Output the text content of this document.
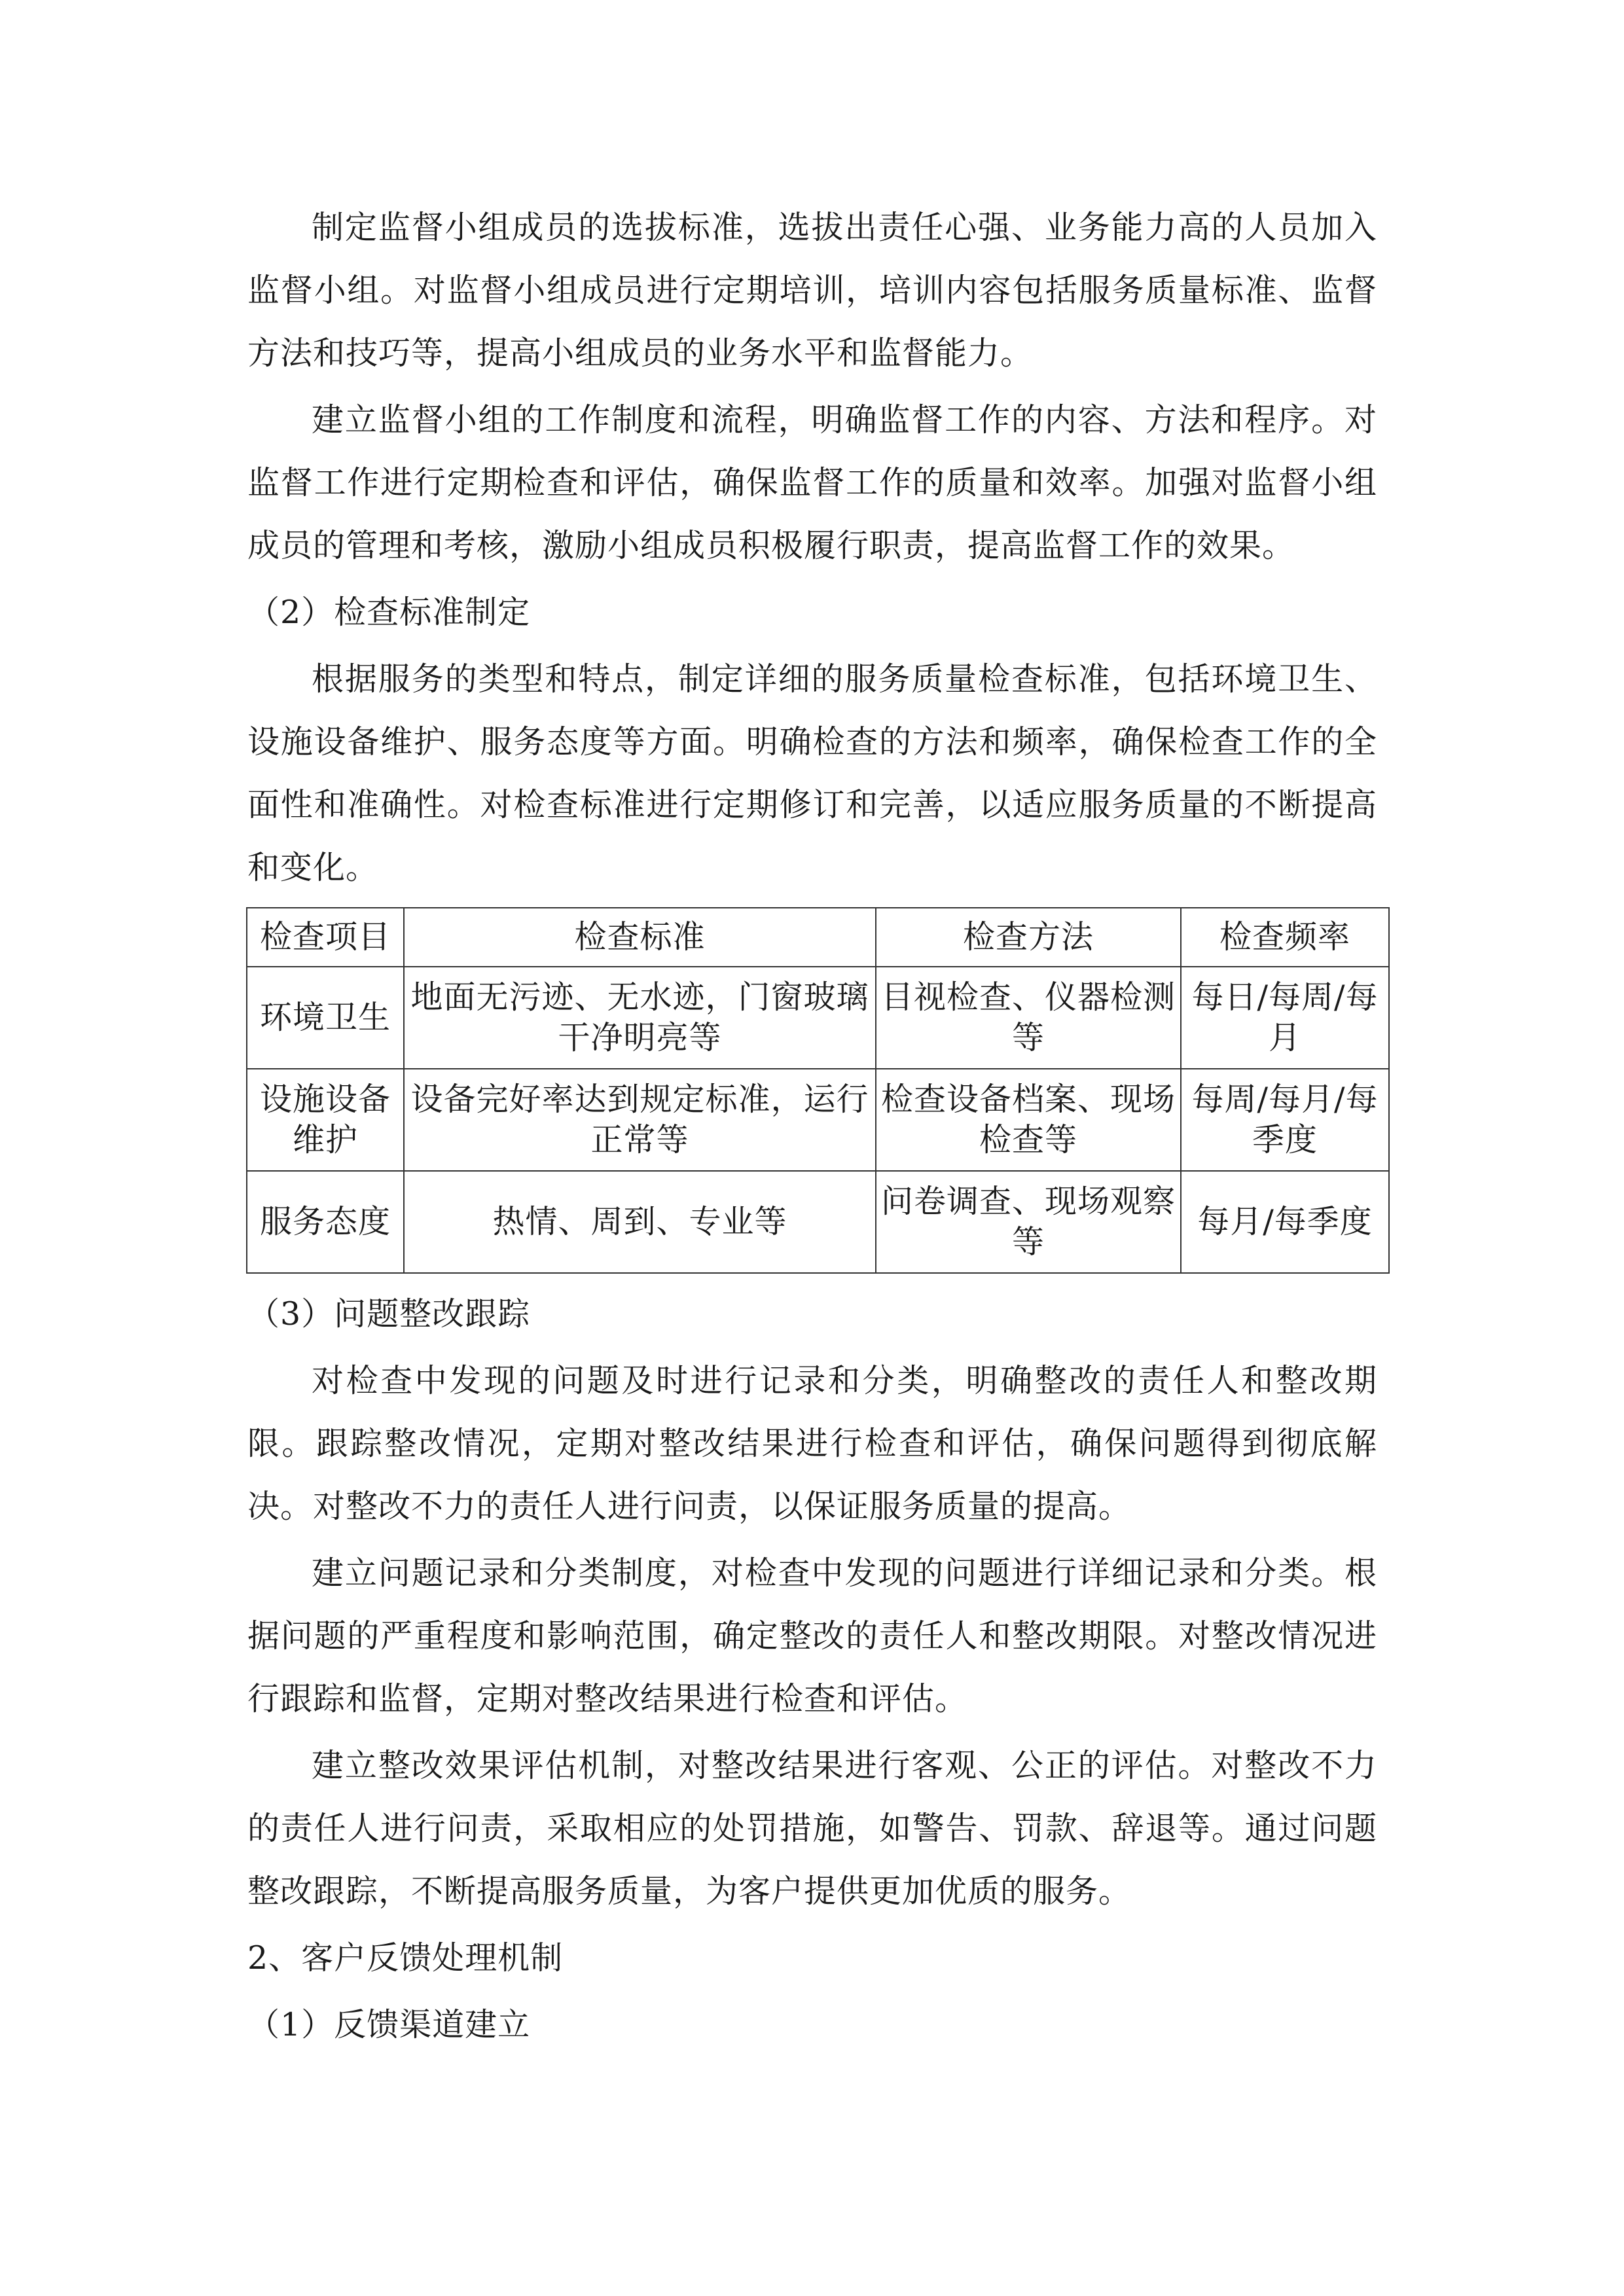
制定监督小组成员的选拔标准，选拔出责任心强、业务能力高的人员加入监督小组。对监督小组成员进行定期培训，培训内容包括服务质量标准、监督方法和技巧等，提高小组成员的业务水平和监督能力。

建立监督小组的工作制度和流程，明确监督工作的内容、方法和程序。对监督工作进行定期检查和评估，确保监督工作的质量和效率。加强对监督小组成员的管理和考核，激励小组成员积极履行职责，提高监督工作的效果。

（2）检查标准制定

根据服务的类型和特点，制定详细的服务质量检查标准，包括环境卫生、设施设备维护、服务态度等方面。明确检查的方法和频率，确保检查工作的全面性和准确性。对检查标准进行定期修订和完善，以适应服务质量的不断提高和变化。

检查项目	检查标准	检查方法	检查频率
环境卫生	地面无污迹、无水迹，门窗玻璃干净明亮等	目视检查、仪器检测等	每日/每周/每月
设施设备维护	设备完好率达到规定标准，运行正常等	检查设备档案、现场检查等	每周/每月/每季度
服务态度	热情、周到、专业等	问卷调查、现场观察等	每月/每季度
（3）问题整改跟踪

对检查中发现的问题及时进行记录和分类，明确整改的责任人和整改期限。跟踪整改情况，定期对整改结果进行检查和评估，确保问题得到彻底解决。对整改不力的责任人进行问责，以保证服务质量的提高。

建立问题记录和分类制度，对检查中发现的问题进行详细记录和分类。根据问题的严重程度和影响范围，确定整改的责任人和整改期限。对整改情况进行跟踪和监督，定期对整改结果进行检查和评估。

建立整改效果评估机制，对整改结果进行客观、公正的评估。对整改不力的责任人进行问责，采取相应的处罚措施，如警告、罚款、辞退等。通过问题整改跟踪，不断提高服务质量，为客户提供更加优质的服务。

2、客户反馈处理机制
（1）反馈渠道建立
